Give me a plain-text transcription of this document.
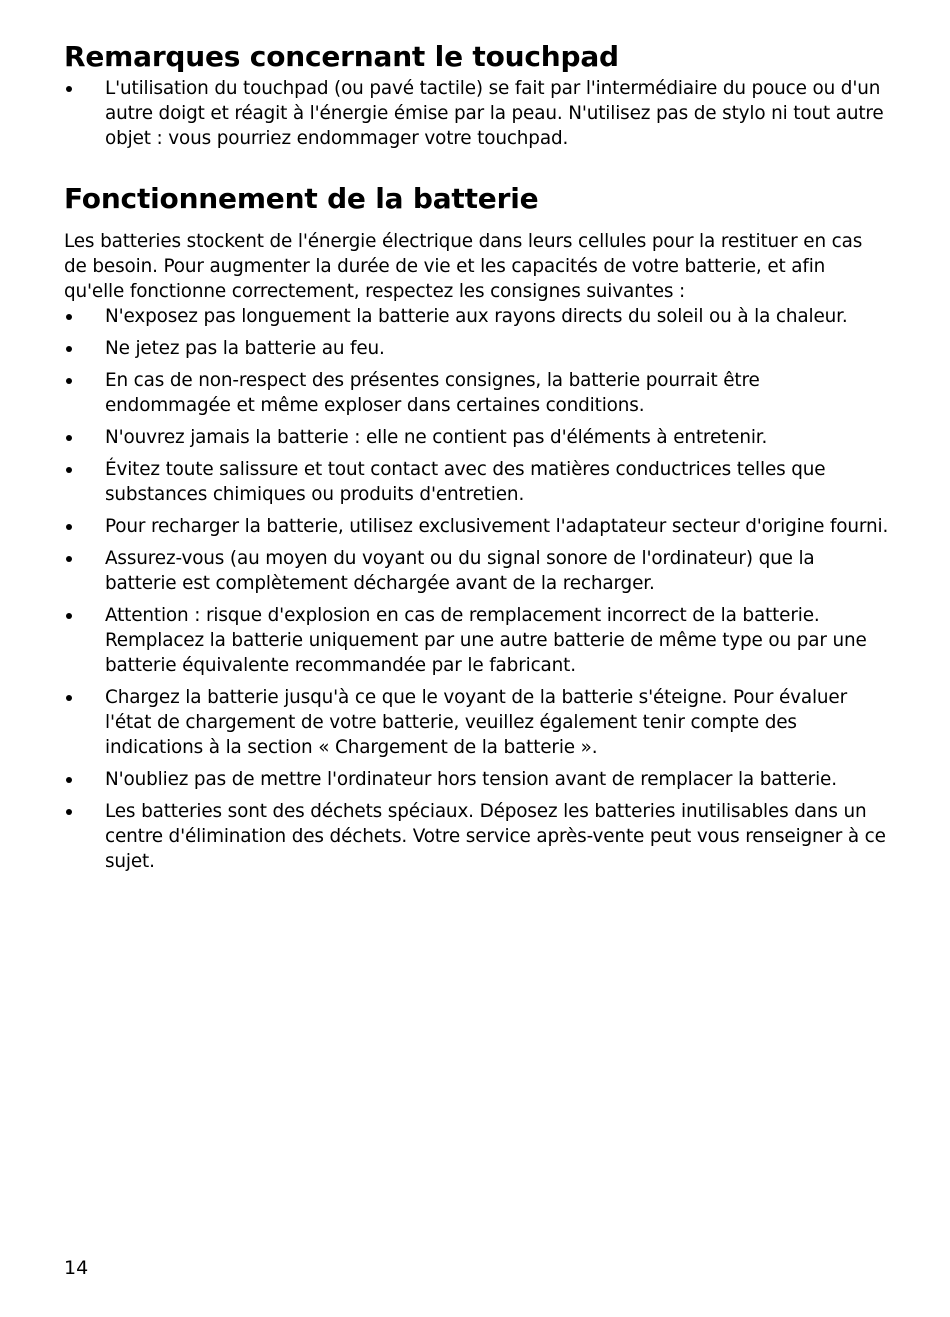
Remarques concernant le touchpad
L'utilisation du touchpad (ou pavé tactile) se fait par l'intermédiaire du pouce ou d'un autre doigt et réagit à l'énergie émise par la peau. N'utilisez pas de stylo ni tout autre objet : vous pourriez endommager votre touchpad.
Fonctionnement de la batterie

Les batteries stockent de l'énergie électrique dans leurs cellules pour la restituer en cas de besoin. Pour augmenter la durée de vie et les capacités de votre batterie, et afin qu'elle fonctionne correctement, respectez les consignes suivantes :

N'exposez pas longuement la batterie aux rayons directs du soleil ou à la chaleur.
Ne jetez pas la batterie au feu.
En cas de non-respect des présentes consignes, la batterie pourrait être endommagée et même exploser dans certaines conditions.
N'ouvrez jamais la batterie : elle ne contient pas d'éléments à entretenir.
Évitez toute salissure et tout contact avec des matières conductrices telles que substances chimiques ou produits d'entretien.
Pour recharger la batterie, utilisez exclusivement l'adaptateur secteur d'origine fourni.
Assurez-vous (au moyen du voyant ou du signal sonore de l'ordinateur) que la batterie est complètement déchargée avant de la recharger.
Attention : risque d'explosion en cas de remplacement incorrect de la batterie. Remplacez la batterie uniquement par une autre batterie de même type ou par une batterie équivalente recommandée par le fabricant.
Chargez la batterie jusqu'à ce que le voyant de la batterie s'éteigne. Pour évaluer l'état de chargement de votre batterie, veuillez également tenir compte des indications à la section « Chargement de la batterie ».
N'oubliez pas de mettre l'ordinateur hors tension avant de remplacer la batterie.
Les batteries sont des déchets spéciaux. Déposez les batteries inutilisables dans un centre d'élimination des déchets. Votre service après-vente peut vous renseigner à ce sujet.
14
